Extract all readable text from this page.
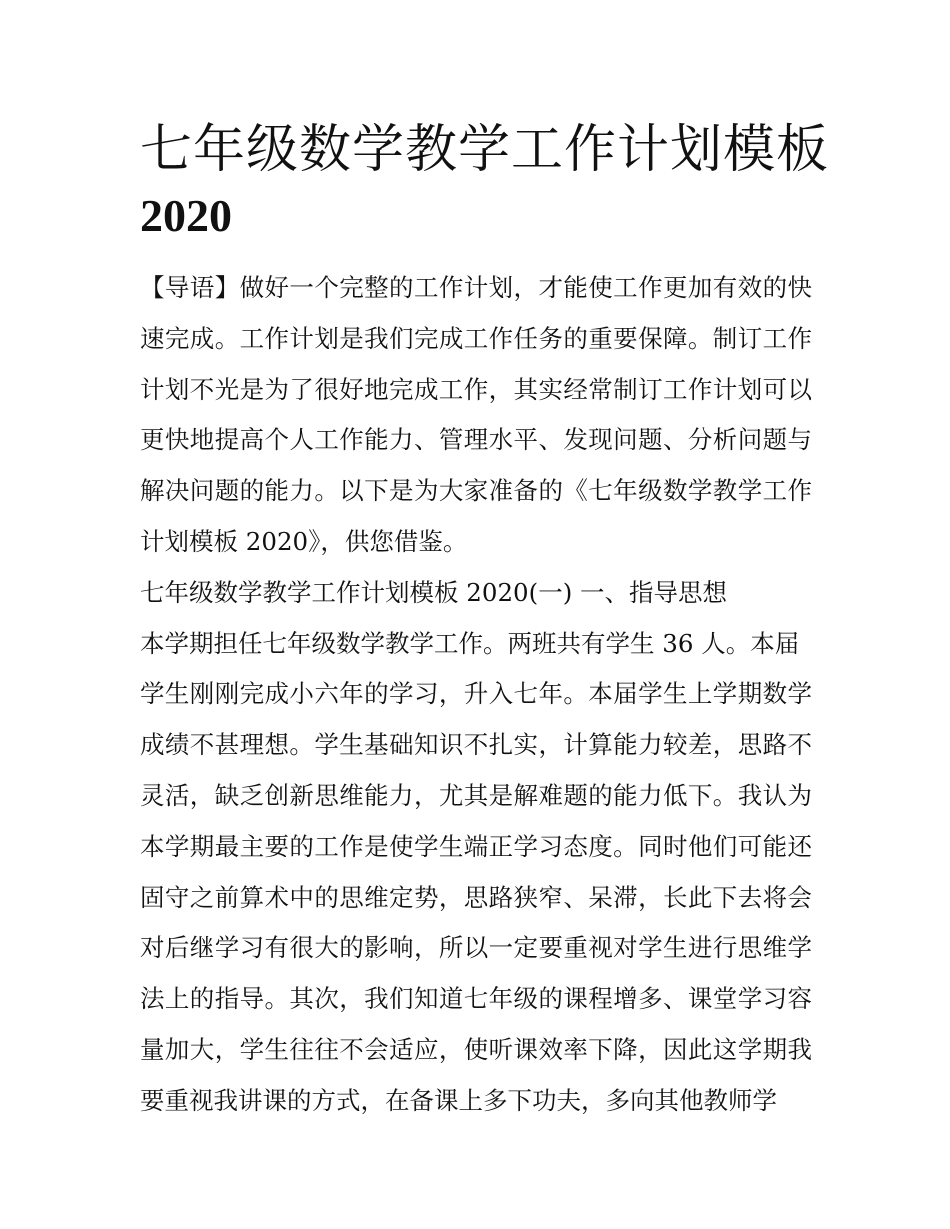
七年级数学教学工作计划模板
2020
【导语】做好一个完整的工作计划，才能使工作更加有效的快
速完成。工作计划是我们完成工作任务的重要保障。制订工作
计划不光是为了很好地完成工作，其实经常制订工作计划可以
更快地提高个人工作能力、管理水平、发现问题、分析问题与
解决问题的能力。以下是为大家准备的《七年级数学教学工作
计划模板 2020》，供您借鉴。
七年级数学教学工作计划模板 2020(一) 一、指导思想
本学期担任七年级数学教学工作。两班共有学生 36 人。本届
学生刚刚完成小六年的学习，升入七年。本届学生上学期数学
成绩不甚理想。学生基础知识不扎实，计算能力较差，思路不
灵活，缺乏创新思维能力，尤其是解难题的能力低下。我认为
本学期最主要的工作是使学生端正学习态度。同时他们可能还
固守之前算术中的思维定势，思路狭窄、呆滞，长此下去将会
对后继学习有很大的影响，所以一定要重视对学生进行思维学
法上的指导。其次，我们知道七年级的课程增多、课堂学习容
量加大，学生往往不会适应，使听课效率下降，因此这学期我
要重视我讲课的方式，在备课上多下功夫，多向其他教师学
